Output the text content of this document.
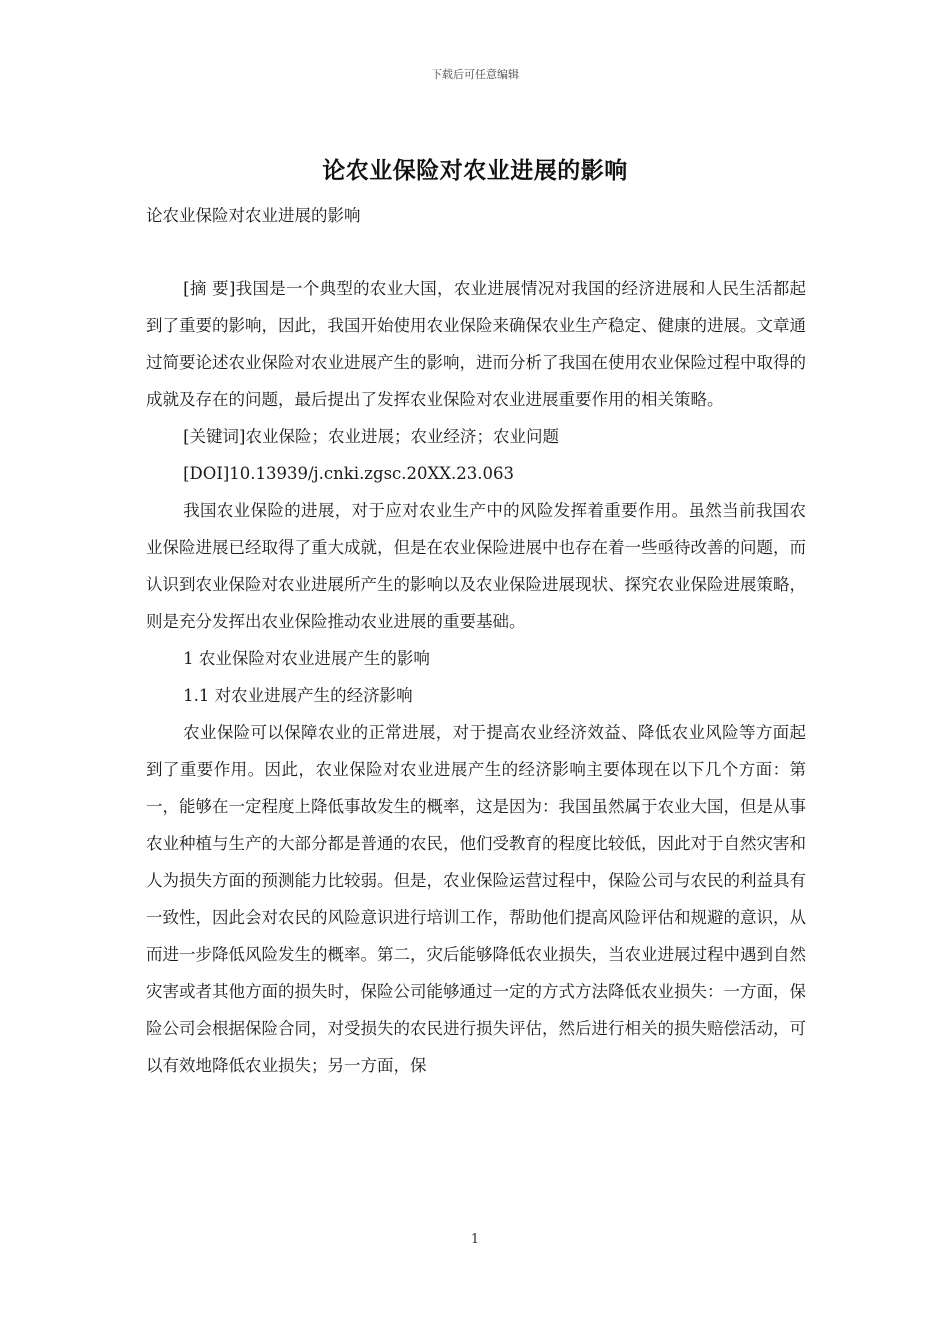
下载后可任意编辑
论农业保险对农业进展的影响
论农业保险对农业进展的影响

[摘 要]我国是一个典型的农业大国，农业进展情况对我国的经济进展和人民生活都起到了重要的影响，因此，我国开始使用农业保险来确保农业生产稳定、健康的进展。文章通过简要论述农业保险对农业进展产生的影响，进而分析了我国在使用农业保险过程中取得的成就及存在的问题，最后提出了发挥农业保险对农业进展重要作用的相关策略。

[关键词]农业保险；农业进展；农业经济；农业问题

[DOI]10.13939/j.cnki.zgsc.20XX.23.063

我国农业保险的进展，对于应对农业生产中的风险发挥着重要作用。虽然当前我国农业保险进展已经取得了重大成就，但是在农业保险进展中也存在着一些亟待改善的问题，而认识到农业保险对农业进展所产生的影响以及农业保险进展现状、探究农业保险进展策略，则是充分发挥出农业保险推动农业进展的重要基础。

1 农业保险对农业进展产生的影响

1.1 对农业进展产生的经济影响

农业保险可以保障农业的正常进展，对于提高农业经济效益、降低农业风险等方面起到了重要作用。因此，农业保险对农业进展产生的经济影响主要体现在以下几个方面：第一，能够在一定程度上降低事故发生的概率，这是因为：我国虽然属于农业大国，但是从事农业种植与生产的大部分都是普通的农民，他们受教育的程度比较低，因此对于自然灾害和人为损失方面的预测能力比较弱。但是，农业保险运营过程中，保险公司与农民的利益具有一致性，因此会对农民的风险意识进行培训工作，帮助他们提高风险评估和规避的意识，从而进一步降低风险发生的概率。第二，灾后能够降低农业损失，当农业进展过程中遇到自然灾害或者其他方面的损失时，保险公司能够通过一定的方式方法降低农业损失：一方面，保险公司会根据保险合同，对受损失的农民进行损失评估，然后进行相关的损失赔偿活动，可以有效地降低农业损失；另一方面，保

1
